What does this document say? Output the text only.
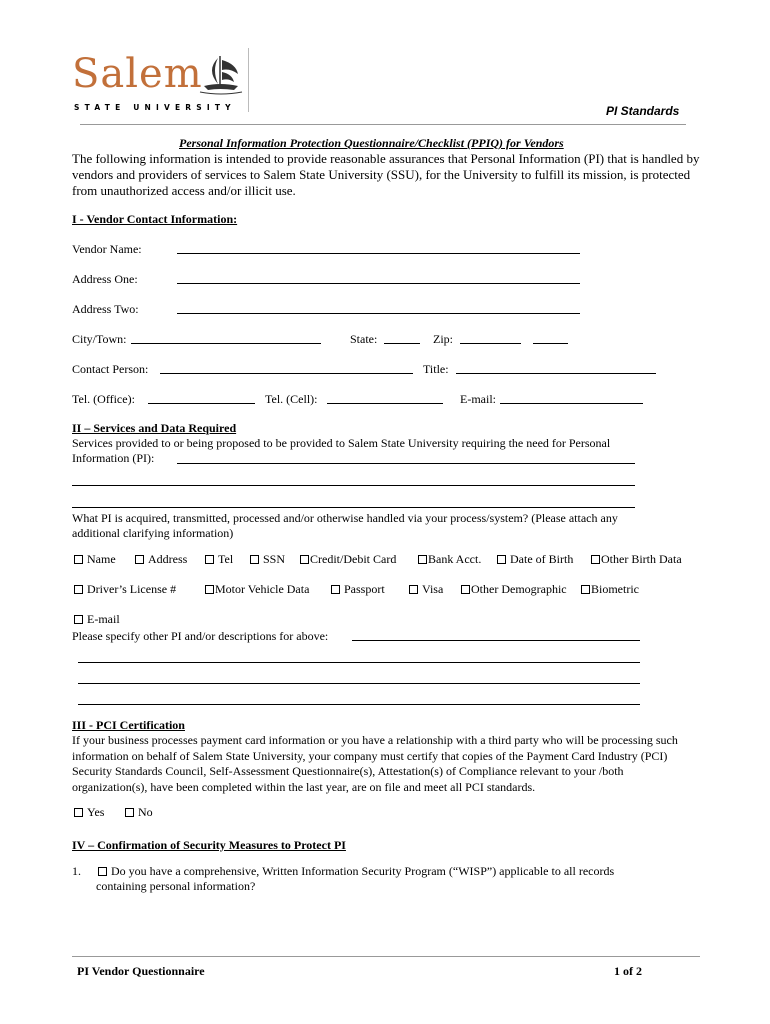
Salem
STATE UNIVERSITY	PI Standards
Personal Information Protection Questionnaire/Checklist (PPIQ) for Vendors
The following information is intended to provide reasonable assurances that Personal Information (PI) that is handled by vendors and providers of services to Salem State University (SSU), for the University to fulfill its mission, is protected from unauthorized access and/or illicit use.
I - Vendor Contact Information:
Vendor Name:
Address One:
Address Two:
City/Town:	State:	Zip:
Contact Person:	Title:
Tel. (Office):	Tel. (Cell):	E-mail:
II – Services and Data Required
Services provided to or being proposed to be provided to Salem State University requiring the need for Personal
Information (PI):
What PI is acquired, transmitted, processed and/or otherwise handled via your process/system? (Please attach any
additional clarifying information)
Name	Address	Tel	SSN	Credit/Debit Card	Bank Acct.	Date of Birth	Other Birth Data
Driver’s License #	Motor Vehicle Data	Passport	Visa	Other Demographic	Biometric
E-mail
Please specify other PI and/or descriptions for above:
III - PCI Certification
If your business processes payment card information or you have a relationship with a third party who will be processing such information on behalf of Salem State University, your company must certify that copies of the Payment Card Industry (PCI) Security Standards Council, Self-Assessment Questionnaire(s), Attestation(s) of Compliance relevant to your /both organization(s), have been completed within the last year, are on file and meet all PCI standards.
Yes	No
IV – Confirmation of Security Measures to Protect PI
1.	Do you have a comprehensive, Written Information Security Program (“WISP”) applicable to all records
containing personal information?
PI Vendor Questionnaire	1 of 2
